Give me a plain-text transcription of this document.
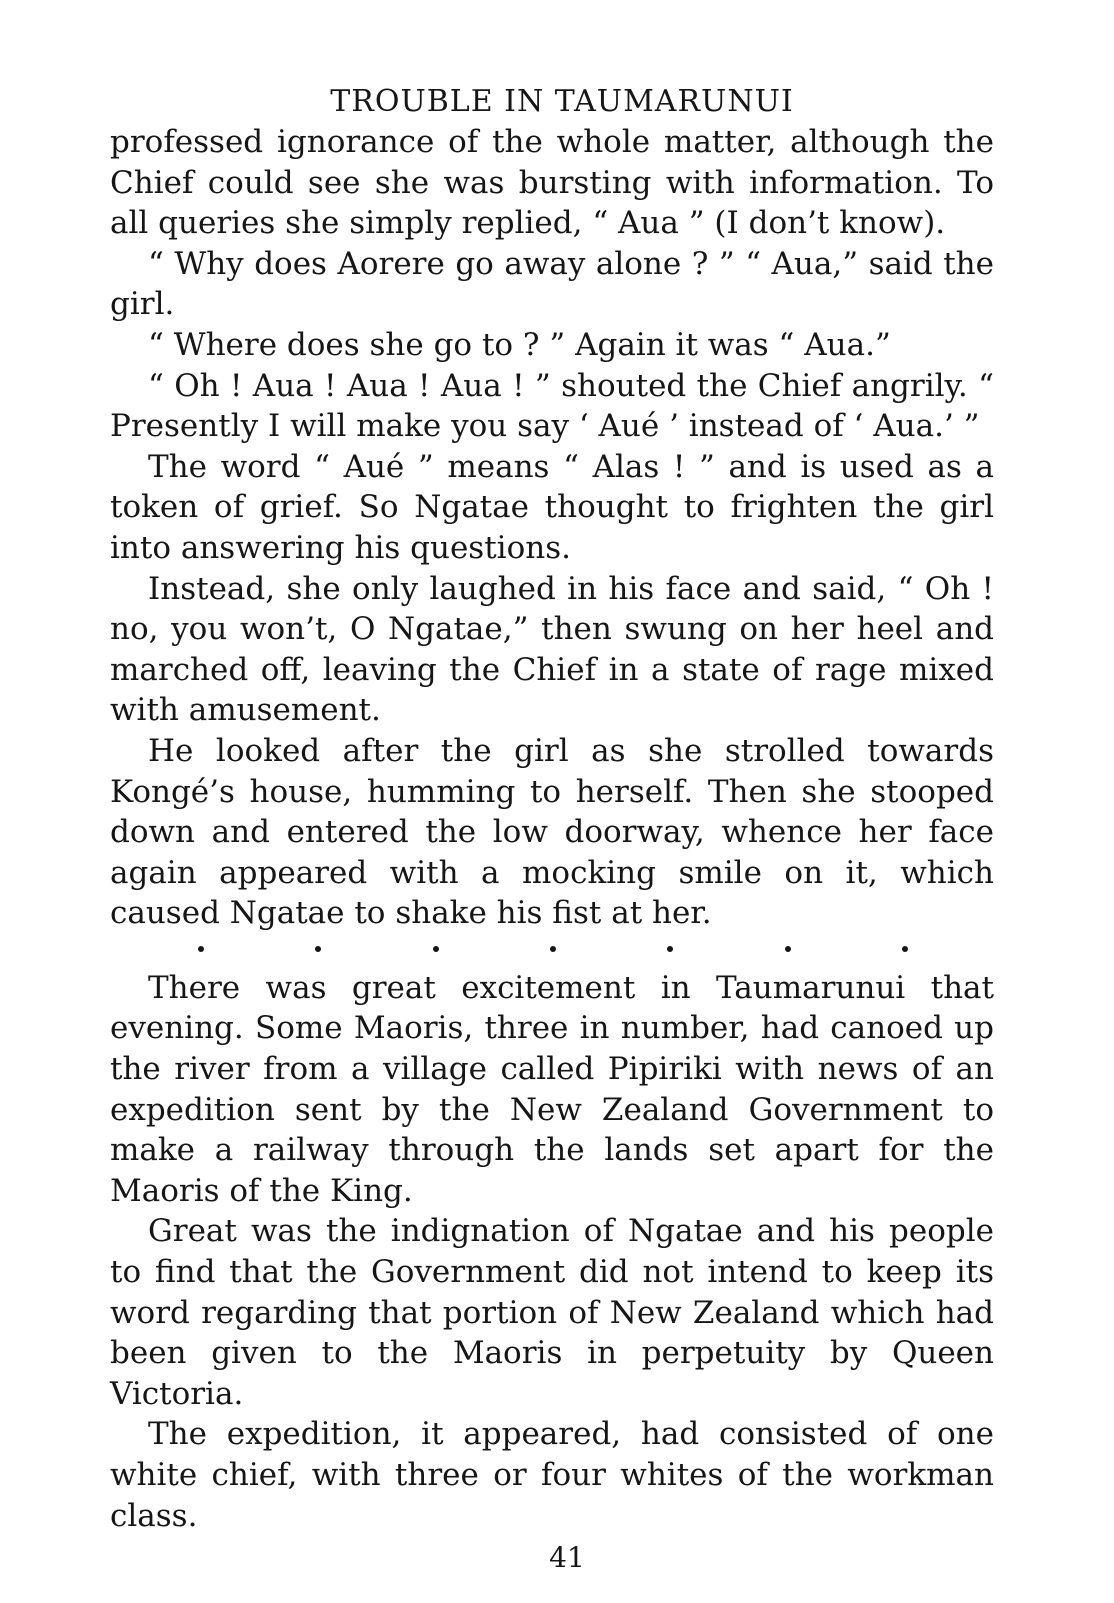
TROUBLE IN TAUMARUNUI

professed ignorance of the whole matter, although the Chief could see she was bursting with information. To all queries she simply replied, “ Aua ” (I don’t know).

“ Why does Aorere go away alone ? ” “ Aua,” said the girl.

“ Where does she go to ? ” Again it was “ Aua.”

“ Oh ! Aua ! Aua ! Aua ! ” shouted the Chief angrily. “ Presently I will make you say ‘ Aué ’ instead of ‘ Aua.’ ”

The word “ Aué ” means “ Alas ! ” and is used as a token of grief. So Ngatae thought to frighten the girl into answering his questions.

Instead, she only laughed in his face and said, “ Oh ! no, you won’t, O Ngatae,” then swung on her heel and marched off, leaving the Chief in a state of rage mixed with amusement.

He looked after the girl as she strolled towards Kongé’s house, humming to herself. Then she stooped down and entered the low doorway, whence her face again appeared with a mocking smile on it, which caused Ngatae to shake his fist at her.

There was great excitement in Taumarunui that evening. Some Maoris, three in number, had canoed up the river from a village called Pipiriki with news of an expedition sent by the New Zealand Government to make a railway through the lands set apart for the Maoris of the King.

Great was the indignation of Ngatae and his people to find that the Government did not intend to keep its word regarding that portion of New Zealand which had been given to the Maoris in perpetuity by Queen Victoria.

The expedition, it appeared, had consisted of one white chief, with three or four whites of the workman class.

41
